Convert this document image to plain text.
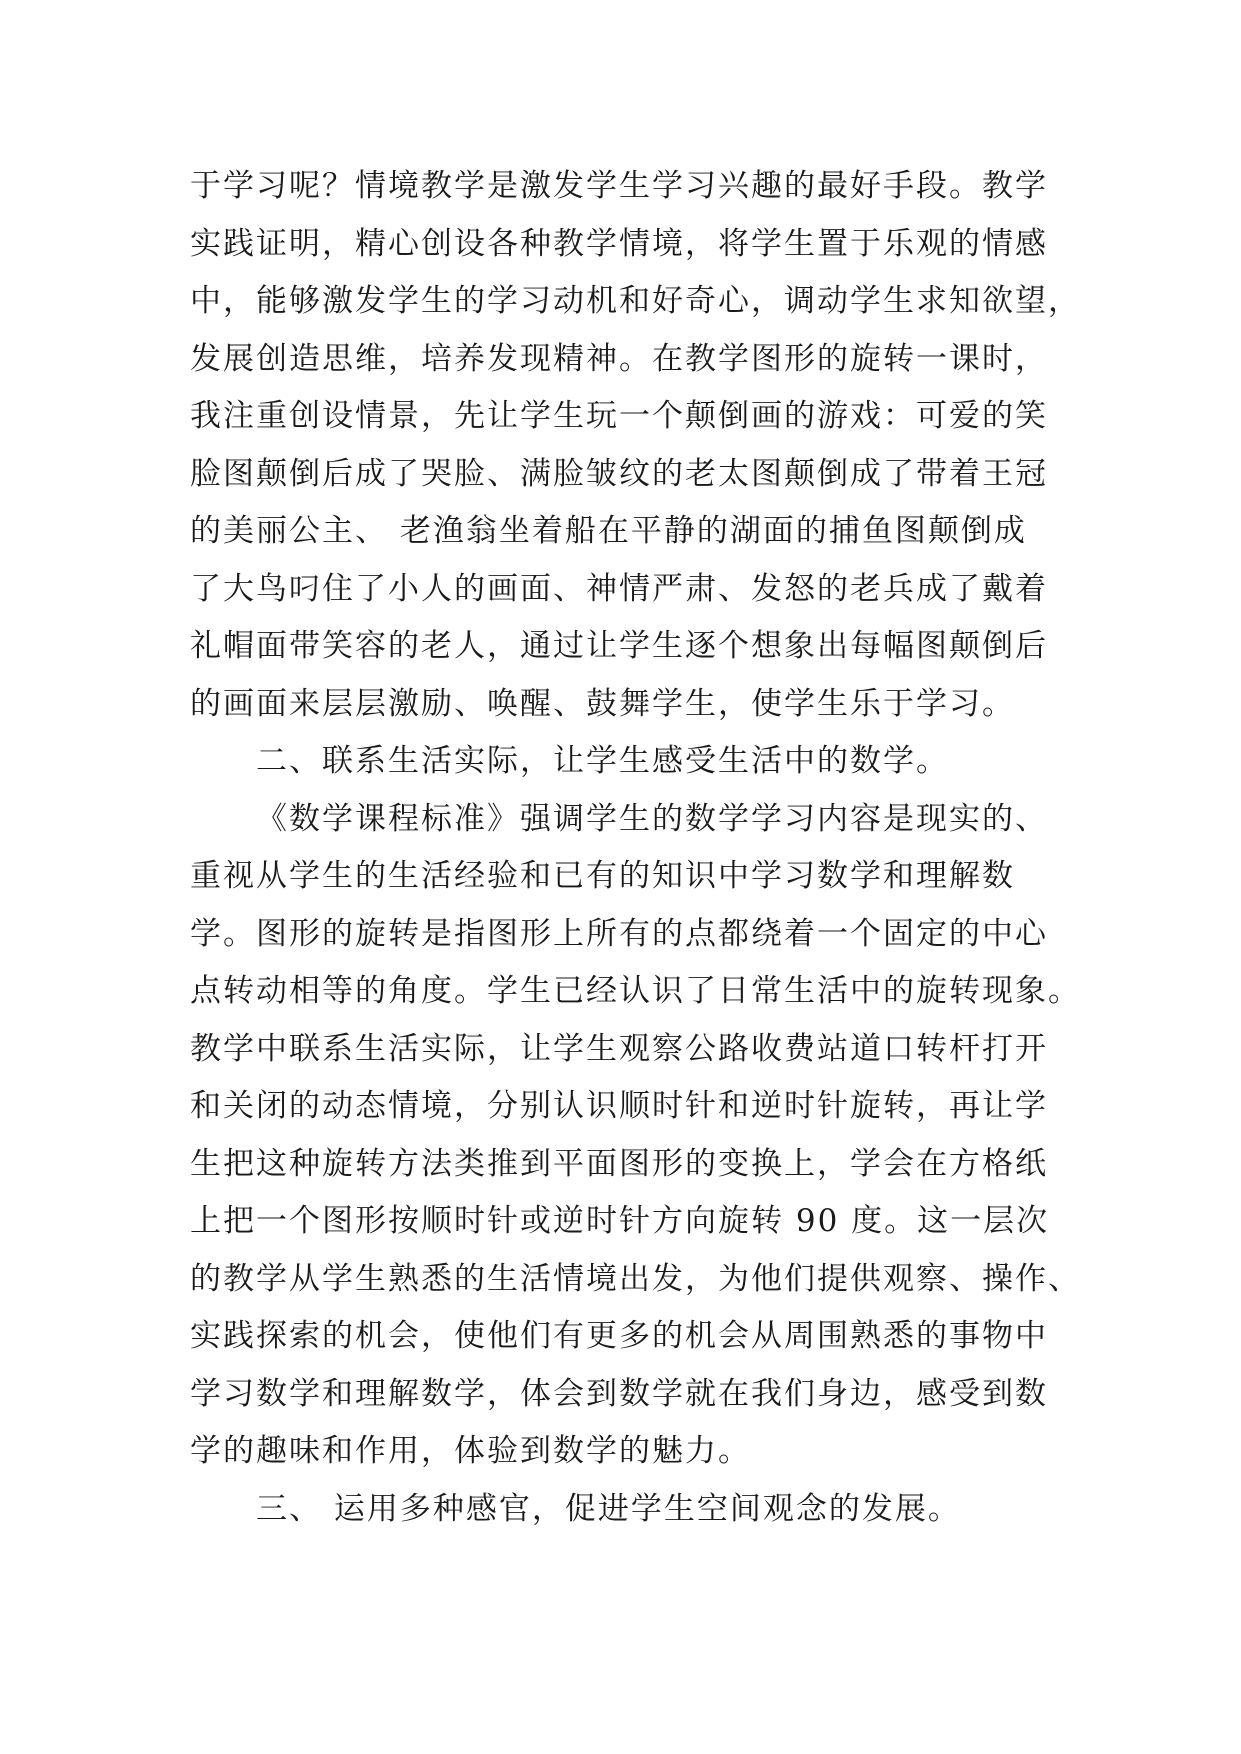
于学习呢？情境教学是激发学生学习兴趣的最好手段。教学
实践证明，精心创设各种教学情境，将学生置于乐观的情感
中，能够激发学生的学习动机和好奇心，调动学生求知欲望，
发展创造思维，培养发现精神。在教学图形的旋转一课时，
我注重创设情景，先让学生玩一个颠倒画的游戏：可爱的笑
脸图颠倒后成了哭脸、满脸皱纹的老太图颠倒成了带着王冠
的美丽公主、 老渔翁坐着船在平静的湖面的捕鱼图颠倒成
了大鸟叼住了小人的画面、神情严肃、发怒的老兵成了戴着
礼帽面带笑容的老人，通过让学生逐个想象出每幅图颠倒后
的画面来层层激励、唤醒、鼓舞学生，使学生乐于学习。
二、联系生活实际，让学生感受生活中的数学。
《数学课程标准》强调学生的数学学习内容是现实的、
重视从学生的生活经验和已有的知识中学习数学和理解数
学。图形的旋转是指图形上所有的点都绕着一个固定的中心
点转动相等的角度。学生已经认识了日常生活中的旋转现象。
教学中联系生活实际，让学生观察公路收费站道口转杆打开
和关闭的动态情境，分别认识顺时针和逆时针旋转，再让学
生把这种旋转方法类推到平面图形的变换上，学会在方格纸
上把一个图形按顺时针或逆时针方向旋转 90 度。这一层次
的教学从学生熟悉的生活情境出发，为他们提供观察、操作、
实践探索的机会，使他们有更多的机会从周围熟悉的事物中
学习数学和理解数学，体会到数学就在我们身边，感受到数
学的趣味和作用，体验到数学的魅力。
三、 运用多种感官，促进学生空间观念的发展。
